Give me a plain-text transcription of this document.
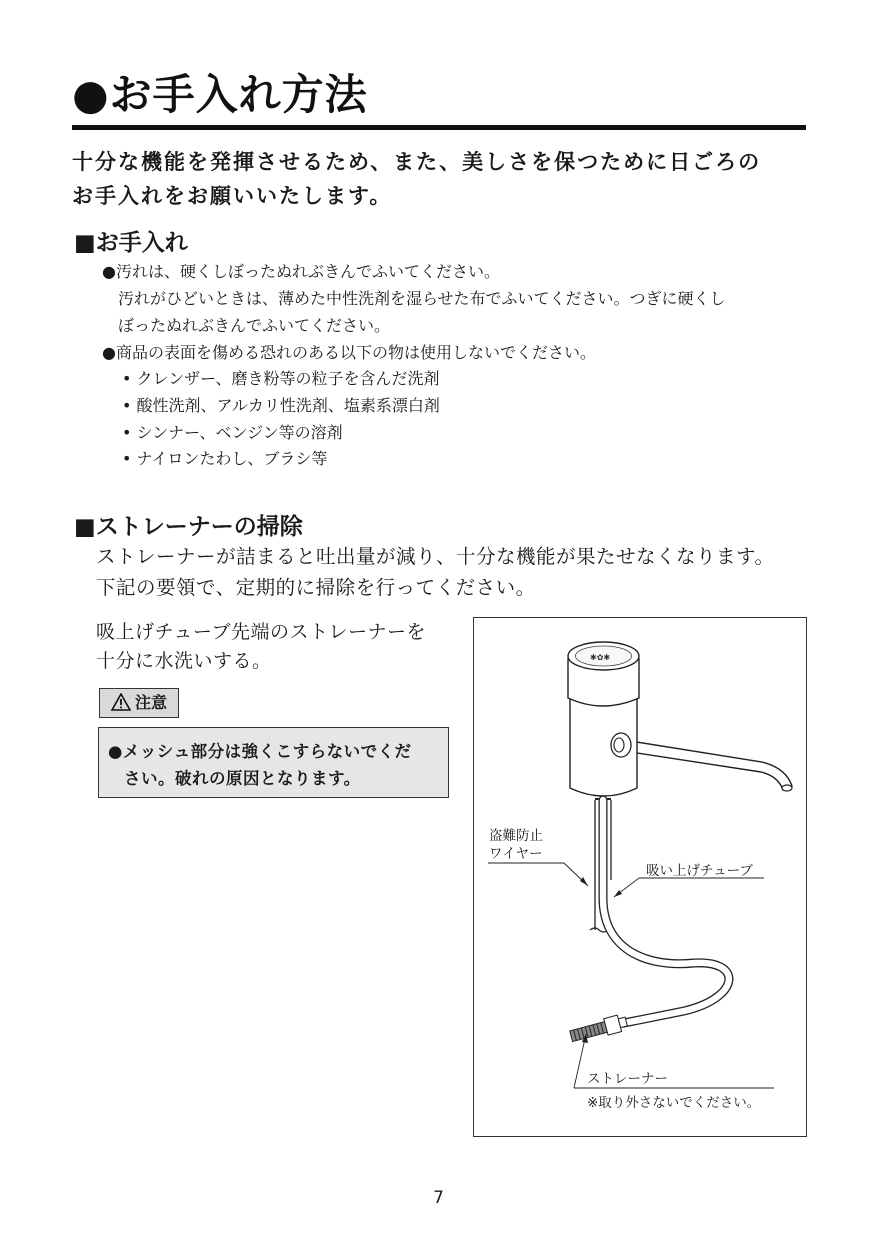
●お手入れ方法
十分な機能を発揮させるため、また、美しさを保つために日ごろの
お手入れをお願いいたします。
■お手入れ
●汚れは、硬くしぼったぬれぶきんでふいてください。
汚れがひどいときは、薄めた中性洗剤を湿らせた布でふいてください。つぎに硬くし
ぼったぬれぶきんでふいてください。
●商品の表面を傷める恐れのある以下の物は使用しないでください。
• クレンザー、磨き粉等の粒子を含んだ洗剤
• 酸性洗剤、アルカリ性洗剤、塩素系漂白剤
• シンナー、ベンジン等の溶剤
• ナイロンたわし、ブラシ等
■ストレーナーの掃除
ストレーナーが詰まると吐出量が減り、十分な機能が果たせなくなります。
下記の要領で、定期的に掃除を行ってください。
吸上げチューブ先端のストレーナーを
十分に水洗いする。
注意
●メッシュ部分は強くこすらないでくだ
さい。破れの原因となります。
✱✿✱
盗難防止
ワイヤー
吸い上げチューブ
ストレーナー
※取り外さないでください。
7
